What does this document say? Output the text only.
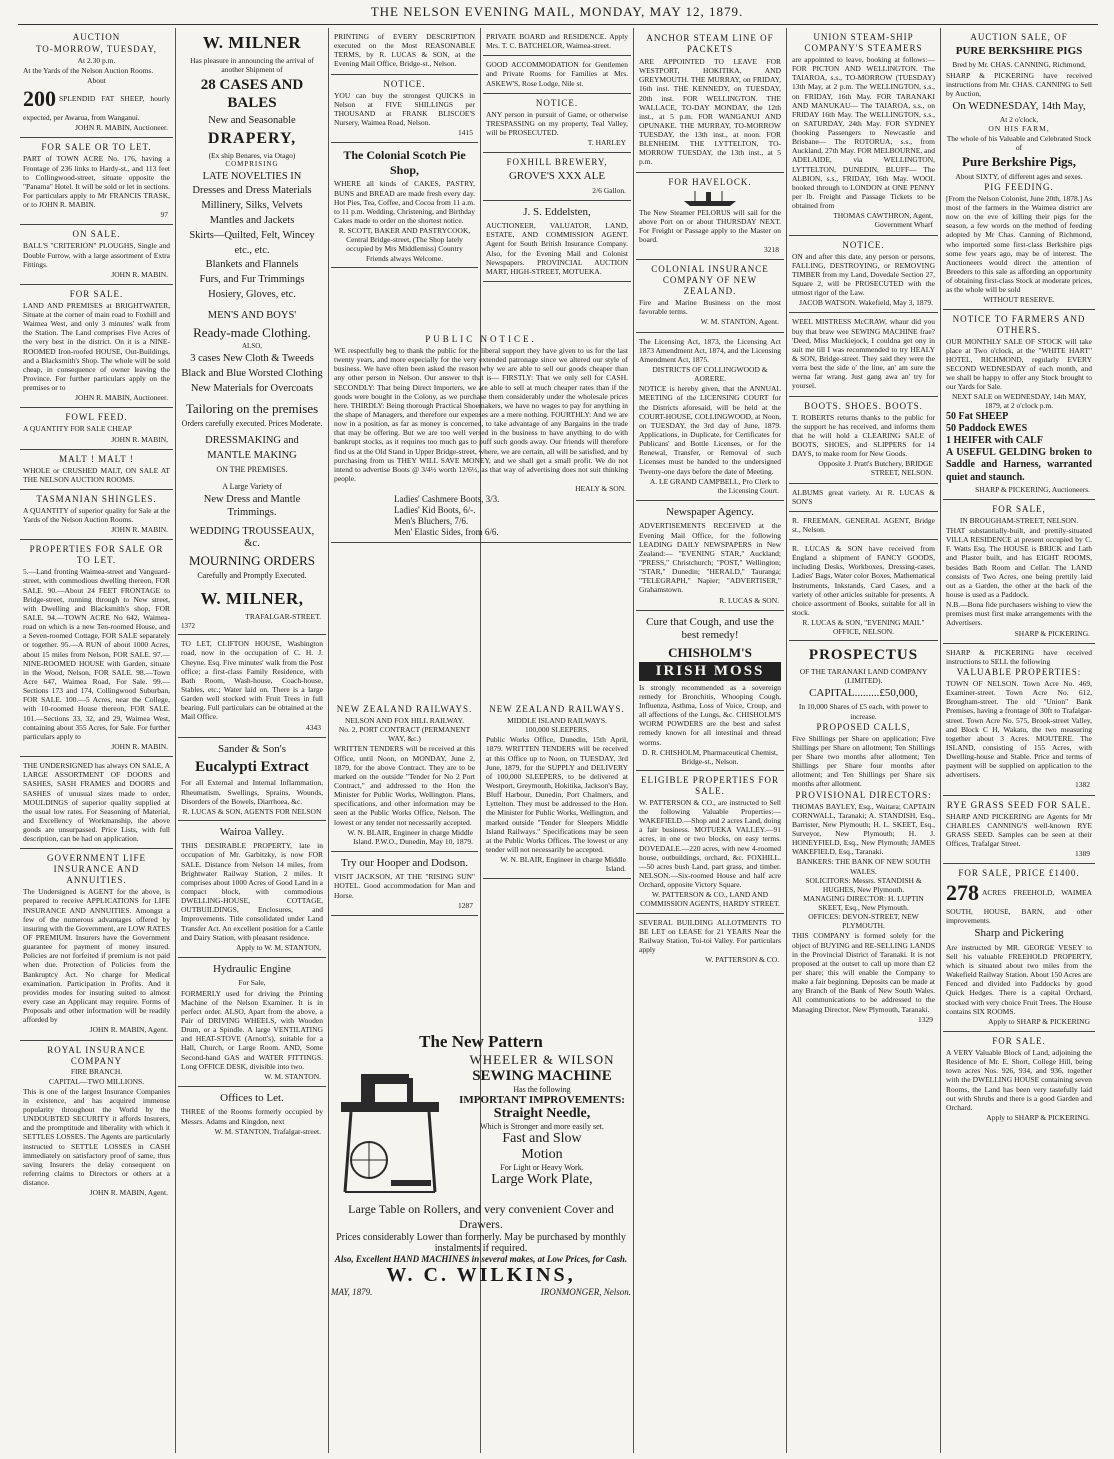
THE NELSON EVENING MAIL, MONDAY, MAY 12, 1879.
AUCTION
TO-MORROW, TUESDAY,
At 2.30 p.m.

At the Yards of the Nelson Auction Rooms.

About

200 SPLENDID FAT SHEEP, hourly expected, per Awarua, from Wanganui.

JOHN R. MABIN, Auctioneer.
FOR SALE OR TO LET.

PART of TOWN ACRE No. 176, having a Frontage of 236 links to Hardy-st., and 113 feet to Collingwood-street, situate opposite the "Panama" Hotel. It will be sold or let in sections. For particulars apply to Mr FRANCIS TRASK, or to JOHN R. MABIN.

97
ON SALE.

BALL'S "CRITERION" PLOUGHS, Single and Double Furrow, with a large assortment of Extra Fittings.

JOHN R. MABIN.
FOR SALE.

LAND AND PREMISES at BRIGHTWATER, Situate at the corner of main road to Foxhill and Waimea West, and only 3 minutes' walk from the Station. The Land comprises Five Acres of the very best in the district. On it is a NINE-ROOMED Iron-roofed HOUSE, Out-Buildings, and a Blacksmith's Shop. The whole will be sold cheap, in consequence of owner leaving the Province. For further particulars apply on the premises or to

JOHN R. MABIN, Auctioneer.
FOWL FEED.

A QUANTITY FOR SALE CHEAP

JOHN R. MABIN,
MALT ! MALT !

WHOLE or CRUSHED MALT, ON SALE AT THE NELSON AUCTION ROOMS.

TASMANIAN SHINGLES.

A QUANTITY of superior quality for Sale at the Yards of the Nelson Auction Rooms.

JOHN R. MABIN.
PROPERTIES FOR SALE OR TO LET.

5.—Land fronting Waimea-street and Vanguard-street, with commodious dwelling thereon, FOR SALE. 90.—About 24 FEET FRONTAGE to Bridge-street, running through to New street, with Dwelling and Blacksmith's shop, FOR SALE. 94.—TOWN ACRE No 642, Waimea-road on which is a new Ten-roomed House, and a Seven-roomed Cottage, FOR SALE separately or together. 95.—A RUN of about 1000 Acres, about 15 miles from Nelson, FOR SALE. 97.—NINE-ROOMED HOUSE with Garden, situate in the Wood, Nelson, FOR SALE. 98.—Town Acre 647, Waimea Road, For Sale. 99.—Sections 173 and 174, Collingwood Suburban, FOR SALE. 100.—5 Acres, near the College, with 10-roomed House thereon, FOR SALE. 101.—Sections 33, 32, and 29, Waimea West, containing about 355 Acres, for Sale. For further particulars apply to

JOHN R. MABIN.

THE UNDERSIGNED has always ON SALE, A LARGE ASSORTMENT OF DOORS and SASHES, SASH FRAMES and DOORS and SASHES of unusual sizes made to order, MOULDINGS of superior quality supplied at the usual low rates. For Seasoning of Material, and Excellency of Workmanship, the above goods are unsurpassed. Price Lists, with full description, can be had on application.

GOVERNMENT LIFE INSURANCE AND ANNUITIES.

The Undersigned is AGENT for the above, is prepared to receive APPLICATIONS for LIFE INSURANCE AND ANNUITIES. Amongst a few of the numerous advantages offered by insuring with the Government, are LOW RATES OF PREMIUM. Insurers have the Government guarantee for payment of money insured. Policies are not forfeited if premium is not paid when due. Protection of Policies from the Bankruptcy Act. No charge for Medical examination. Participation in Profits. And it provides modes for insuring suited to almost every case an Applicant may require. Forms of Proposals and other information will be readily afforded by

JOHN R. MABIN, Agent.
ROYAL INSURANCE COMPANY
FIRE BRANCH.
CAPITAL—TWO MILLIONS.

This is one of the largest Insurance Companies in existence, and has acquired immense popularity throughout the World by the UNDOUBTED SECURITY it affords Insurers, and the promptitude and liberality with which it SETTLES LOSSES. The Agents are particularly instructed to SETTLE LOSSES in CASH immediately on satisfactory proof of same, thus saving Insurers the delay consequent on referring claims to Directors or others at a distance.

JOHN R. MABIN, Agent.
W. MILNER
Has pleasure in announcing the arrival of another Shipment of
28 CASES AND BALES
New and Seasonable
DRAPERY,
(Ex ship Benares, via Otago)
COMPRISING
LATE NOVELTIES IN
Dresses and Dress Materials
Millinery, Silks, Velvets
Mantles and Jackets
Skirts—Quilted, Felt, Wincey
etc., etc.
Blankets and Flannels
Furs, and Fur Trimmings
Hosiery, Gloves, etc.
MEN'S AND BOYS'
Ready-made Clothing.
ALSO,
3 cases New Cloth & Tweeds
Black and Blue Worsted Clothing
New Materials for Overcoats
Tailoring on the premises
Orders carefully executed. Prices Moderate.
DRESSMAKING and
MANTLE MAKING
ON THE PREMISES.
A Large Variety of
New Dress and Mantle Trimmings.
WEDDING TROUSSEAUX, &c.
MOURNING ORDERS
Carefully and Promptly Executed.
W. MILNER,
TRAFALGAR-STREET.
1372

TO LET, CLIFTON HOUSE, Washington road, now in the occupation of C. H. J. Cheyne. Esq. Five minutes' walk from the Post office; a first-class Family Residence, with Bath Room, Wash-house, Coach-house, Stables, etc.; Water laid on. There is a large Garden well stocked with Fruit Trees in full bearing. Full particulars can be obtained at the Mail Office.

4343
Sander & Son's
Eucalypti Extract

For all External and Internal Inflammation, Rheumatism, Swellings, Sprains, Wounds, Disorders of the Bowels, Diarrhoea, &c.

R. LUCAS & SON, AGENTS FOR NELSON
Wairoa Valley.

THIS DESIRABLE PROPERTY, late in occupation of Mr. Garbitzky, is now FOR SALE. Distance from Nelson 14 miles, from Brightwater Railway Station, 2 miles. It comprises about 1000 Acres of Good Land in a compact block, with commodious DWELLING-HOUSE, COTTAGE, OUTBUILDINGS, Enclosures, and Improvements. Title consolidated under Land Transfer Act. An excellent position for a Cattle and Dairy Station, with pleasant residence.

Apply to W. M. STANTON,
Hydraulic Engine
For Sale,

FORMERLY used for driving the Printing Machine of the Nelson Examiner. It is in perfect order. ALSO, Apart from the above, a Pair of DRIVING WHEELS, with Wooden Drum, or a Spindle. A large VENTILATING and HEAT-STOVE (Arnott's), suitable for a Hall, Church, or Large Room. AND, Some Second-hand GAS and WATER FITTINGS. Long OFFICE DESK, divisible into two.

W. M. STANTON.
Offices to Let.

THREE of the Rooms formerly occupied by Messrs. Adams and Kingdon, next

W. M. STANTON, Trafalgar-street.

PRINTING of EVERY DESCRIPTION executed on the Most REASONABLE TERMS, by R. LUCAS & SON, at the Evening Mail Office, Bridge-st., Nelson.

NOTICE.

YOU can buy the strongest QUICKS in Nelson at FIVE SHILLINGS per THOUSAND at FRANK BLISCOE'S Nursery, Waimea Road, Nelson.

1415
The Colonial Scotch Pie Shop,

WHERE all kinds of CAKES, PASTRY, BUNS and BREAD are made fresh every day. Hot Pies, Tea, Coffee, and Cocoa from 11 a.m. to 11 p.m. Wedding, Christening, and Birthday Cakes made to order on the shortest notice.

R. SCOTT, BAKER AND PASTRYCOOK, Central Bridge-street, (The Shop lately occupied by Mrs Middlemiss) Country Friends always Welcome.

PRIVATE BOARD and RESIDENCE. Apply Mrs. T. C. BATCHELOR, Waimea-street.

GOOD ACCOMMODATION for Gentlemen and Private Rooms for Families at Mrs. ASKEW'S, Rose Lodge, Nile st.

NOTICE.

ANY person in pursuit of Game, or otherwise TRESPASSING on my property, Teal Valley, will be PROSECUTED.

T. HARLEY
FOXHILL BREWERY,
GROVE'S XXX ALE
2/6 Gallon.
J. S. Eddelsten,

AUCTIONEER, VALUATOR, LAND, ESTATE, AND COMMISSION AGENT. Agent for South British Insurance Company. Also, for the Evening Mail and Colonist Newspapers. PROVINCIAL AUCTION MART, HIGH-STREET, MOTUEKA.

PUBLIC NOTICE.

WE respectfully beg to thank the public for the liberal support they have given to us for the last twenty years, and more especially for the very extended patronage since we altered our style of business. We have often been asked the reason why we are able to sell our goods cheaper than any other person in Nelson. Our answer to that is— FIRSTLY: That we only sell for CASH. SECONDLY: That being Direct Importers, we are able to sell at much cheaper rates than if the goods were bought in the Colony, as we purchase them considerably under the wholesale prices here. THIRDLY: Being thorough Practical Shoemakers, we have no wages to pay for anything in the shape of Managers, and therefore our expenses are a mere nothing. FOURTHLY: And we are now in a position, as far as money is concerned, to take advantage of any Bargains in the trade that may be offering. But we are too well versed in the business to have anything to do with bankrupt stocks, as it requires too much gas to puff such goods away. Our friends will therefore find us at the Old Stand in Upper Bridge-street, where, we are certain, all will be satisfied, and by purchasing from us THEY WILL SAVE MONEY, and we shall get a small profit. We do not intend to advertise Boots @ 3/4½ worth 12/6½, as that way of advertising does not suit thinking people.

HEALY & SON.
Ladies' Cashmere Boots, 3/3.
Ladies' Kid Boots, 6/-.
Men's Bluchers, 7/6.
Men' Elastic Sides, from 6/6.
NEW ZEALAND RAILWAYS.
NELSON AND FOX HILL RAILWAY.
No. 2, PORT CONTRACT (PERMANENT WAY, &c.)

WRITTEN TENDERS will be received at this Office, until Noon, on MONDAY, June 2, 1879, for the above Contract. They are to be marked on the outside "Tender for No 2 Port Contract," and addressed to the Hon the Minister for Public Works, Wellington. Plans, specifications, and other information may be seen at the Public Works Office, Nelson. The lowest or any tender not necessarily accepted.

W. N. BLAIR, Engineer in charge Middle Island. P.W.O., Dunedin, May 10, 1879.
Try our Hooper and Dodson.

VISIT JACKSON, AT THE "RISING SUN" HOTEL. Good accommodation for Man and Horse.

1287
NEW ZEALAND RAILWAYS.
MIDDLE ISLAND RAILWAYS.
100,000 SLEEPERS.

Public Works Office, Dunedin, 15th April, 1879. WRITTEN TENDERS will be received at this Office up to Noon, on TUESDAY, 3rd June, 1879, for the SUPPLY and DELIVERY of 100,000 SLEEPERS, to be delivered at Westport, Greymouth, Hokitika, Jackson's Bay, Bluff Harbour, Dunedin, Port Chalmers, and Lyttelton. They must be addressed to the Hon. the Minister for Public Works, Wellington, and marked outside "Tender for Sleepers Middle Island Railways." Specifications may be seen at the Public Works Offices. The lowest or any tender will not necessarily be accepted.

W. N. BLAIR, Engineer in charge Middle Island.
The New Pattern
WHEELER & WILSON
SEWING MACHINE
Has the following
IMPORTANT IMPROVEMENTS:
Straight Needle,
Which is Stronger and more easily set.
Fast and Slow
Motion
For Light or Heavy Work.
Large Work Plate,
Large Table on Rollers, and very convenient Cover and Drawers.
Prices considerably Lower than formerly. May be purchased by monthly instalments if required.
Also, Excellent HAND MACHINES in several makes, at Low Prices, for Cash.
W. C. WILKINS,
MAY, 1879.	IRONMONGER, Nelson.
ANCHOR STEAM LINE OF PACKETS

ARE APPOINTED TO LEAVE FOR WESTPORT, HOKITIKA, AND GREYMOUTH. THE MURRAY, on FRIDAY, 16th inst. THE KENNEDY, on TUESDAY, 20th inst. FOR WELLINGTON. THE WALLACE, TO-DAY MONDAY, the 12th inst., at 5 p.m. FOR WANGANUI AND OPUNAKE. THE MURRAY, TO-MORROW TUESDAY, the 13th inst., at noon. FOR BLENHEIM. THE LYTTELTON, TO-MORROW TUESDAY, the 13th inst., at 5 p.m.

FOR HAVELOCK.

The New Steamer PELORUS will sail for the above Port on or about THURSDAY NEXT. For Freight or Passage apply to the Master on board.

3218
COLONIAL INSURANCE COMPANY OF NEW ZEALAND.

Fire and Marine Business on the most favorable terms.

W. M. STANTON, Agent.

The Licensing Act, 1873, the Licensing Act 1873 Amendment Act, 1874, and the Licensing Amendment Act, 1875.

DISTRICTS OF COLLINGWOOD & AORERE.

NOTICE is hereby given, that the ANNUAL MEETING of the LICENSING COURT for the Districts aforesaid, will be held at the COURT-HOUSE, COLLINGWOOD, at Noon, on TUESDAY, the 3rd day of June, 1879. Applications, in Duplicate, for Certificates for Publicans' and Bottle Licenses, or for the Renewal, Transfer, or Removal of such Licenses must be handed to the undersigned Twenty-one days before the date of Meeting.

A. LE GRAND CAMPBELL, Pro Clerk to the Licensing Court.
Newspaper Agency.

ADVERTISEMENTS RECEIVED at the Evening Mail Office, for the following LEADING DAILY NEWSPAPERS in New Zealand:— "EVENING STAR," Auckland; "PRESS," Christchurch; "POST," Wellington; "STAR," Dunedin; "HERALD," Tauranga; "TELEGRAPH," Napier; "ADVERTISER," Grahamstown.

R. LUCAS & SON.
Cure that Cough, and use the best remedy!
CHISHOLM'S
IRISH MOSS

Is strongly recommended as a sovereign remedy for Bronchitis, Whooping Cough, Influenza, Asthma, Loss of Voice, Croup, and all affections of the Lungs, &c. CHISHOLM'S WORM POWDERS are the best and safest remedy known for all intestinal and thread worms.

D. R. CHISHOLM, Pharmaceutical Chemist, Bridge-st., Nelson.
ELIGIBLE PROPERTIES FOR SALE.

W. PATTERSON & CO., are instructed to Sell the following Valuable Properties:— WAKEFIELD.—Shop and 2 acres Land, doing a fair business. MOTUEKA VALLEY.—91 acres, in one or two blocks, on easy terms. DOVEDALE.—220 acres, with new 4-roomed house, outbuildings, orchard, &c. FOXHILL.—50 acres bush Land, part grass, and timber. NELSON.—Six-roomed House and half acre Orchard, opposite Victory Square.

W. PATTERSON & CO., LAND AND COMMISSION AGENTS, HARDY STREET.

SEVERAL BUILDING ALLOTMENTS TO BE LET on LEASE for 21 YEARS Near the Railway Station, Toi-toi Valley. For particulars apply

W. PATTERSON & CO.
UNION STEAM-SHIP COMPANY'S STEAMERS

are appointed to leave, booking at follows:— FOR PICTON AND WELLINGTON. The TAIAROA, s.s., TO-MORROW (TUESDAY) 13th May, at 2 p.m. The WELLINGTON, s.s., on FRIDAY, 16th May. FOR TARANAKI AND MANUKAU— The TAIAROA, s.s., on FRIDAY 16th May. The WELLINGTON, s.s., on SATURDAY, 24th May. FOR SYDNEY (booking Passengers to Newcastle and Brisbane— The ROTORUA, s.s., from Auckland, 27th May. FOR MELBOURNE, and ADELAIDE, via WELLINGTON, LYTTELTON, DUNEDIN, BLUFF— The ALBION, s.s., FRIDAY, 16th May. WOOL booked through to LONDON at ONE PENNY per lb. Freight and Passage Tickets to be obtained from

THOMAS CAWTHRON, Agent, Government Wharf
NOTICE.

ON and after this date, any person or persons, FALLING, DESTROYING, or REMOVING TIMBER from my Land, Dovedale Section 27, Square 2, will be PROSECUTED with the utmost rigor of the Law.

JACOB WATSON. Wakefield, May 3, 1879.

WEEL MISTRESS McCRAW, whaur did you buy that braw wee SEWING MACHINE frae? 'Deed, Miss Muckiejock, I couldna get ony in suit me till I was recommended to try HEALY & SON, Bridge-street. They said they were the verra best the side o' the line, an' am sure the werna far wrang. Just gang awa an' try for yoursel.

BOOTS. SHOES. BOOTS.

T. ROBERTS returns thanks to the public for the support he has received, and informs them that he will hold a CLEARING SALE of BOOTS, SHOES, and SLIPPERS for 14 DAYS, to make room for New Goods.

Opposite J. Pratt's Butchery, BRIDGE STREET, NELSON.

ALBUMS great variety. At R. LUCAS & SON'S

R. FREEMAN, GENERAL AGENT, Bridge st., Nelson.

R. LUCAS & SON have received from England a shipment of FANCY GOODS, including Desks, Workboxes, Dressing-cases, Ladies' Bags, Water color Boxes, Mathematical Instruments, Inkstands, Card Cases, and a variety of other articles suitable for presents. A choice assortment of Books, suitable for all in stock.

R. LUCAS & SON, "EVENING MAIL" OFFICE, NELSON.
PROSPECTUS
OF THE TARANAKI LAND COMPANY (LIMITED).
CAPITAL.........£50,000,
In 10,000 Shares of £5 each, with power to increase.
PROPOSED CALLS,

Five Shillings per Share on application; Five Shillings per Share on allotment; Ten Shillings per Share two months after allotment; Ten Shillings per Share four months after allotment; and Ten Shillings per Share six months after allotment.

PROVISIONAL DIRECTORS:

THOMAS BAYLEY, Esq., Waitara; CAPTAIN CORNWALL, Taranaki; A. STANDISH, Esq., Barrister, New Plymouth; H. L. SKEET, Esq., Surveyor, New Plymouth; H. J. HONEYFIELD, Esq., New Plymouth; JAMES WAKEFIELD, Esq., Taranaki.

BANKERS: THE BANK OF NEW SOUTH WALES.
SOLICITORS: Messrs. STANDISH & HUGHES, New Plymouth.
MANAGING DIRECTOR: H. LUPTIN SKEET, Esq., New Plymouth.
OFFICES: DEVON-STREET, NEW PLYMOUTH.

THIS COMPANY is formed solely for the object of BUYING and RE-SELLING LANDS in the Provincial District of Taranaki. It is not proposed at the outset to call up more than £2 per share; this will enable the Company to make a fair beginning. Deposits can be made at any Branch of the Bank of New South Wales. All communications to be addressed to the Managing Director, New Plymouth, Taranaki.

1329
AUCTION SALE, OF
PURE BERKSHIRE PIGS
Bred by Mr. CHAS. CANNING, Richmond,

SHARP & PICKERING have received instructions from Mr. CHAS. CANNING to Sell by Auction,

On WEDNESDAY, 14th May,
At 2 o'clock,
ON HIS FARM,
The whole of his Valuable and Celebrated Stock of
Pure Berkshire Pigs,
About SIXTY, of different ages and sexes.
PIG FEEDING.

[From the Nelson Colonist, June 20th, 1878.] As most of the farmers in the Waimea district are now on the eve of killing their pigs for the season, a few words on the method of feeding adopted by Mr Chas. Canning of Richmond, who imported some first-class Berkshire pigs some few years ago, may be of interest. The Auctioneers would direct the attention of Breeders to this sale as affording an opportunity of obtaining first-class Stock at moderate prices, as the whole will be sold

WITHOUT RESERVE.
NOTICE TO FARMERS AND OTHERS.

OUR MONTHLY SALE OF STOCK will take place at Two o'clock, at the "WHITE HART" HOTEL, RICHMOND, regularly EVERY SECOND WEDNESDAY of each month, and we shall be happy to offer any Stock brought to our Yards for Sale.

NEXT SALE on WEDNESDAY, 14th MAY, 1879, at 2 o'clock p.m.
50 Fat SHEEP
50 Paddock EWES
1 HEIFER with CALF
A USEFUL GELDING broken to Saddle and Harness, warranted quiet and staunch.
SHARP & PICKERING, Auctioneers.
FOR SALE,
IN BROUGHAM-STREET, NELSON.

THAT substantially-built, and prettily-situated VILLA RESIDENCE at present occupied by C. F. Watts Esq. The HOUSE is BRICK and Lath and Plaster built, and has EIGHT ROOMS, besides Bath Room and Cellar. The LAND consists of Two Acres, one being prettily laid out as a Garden, the other at the back of the house is used as a Paddock.

N.B.—Bona fide purchasers wishing to view the premises must first make arrangements with the Advertisers.

SHARP & PICKERING.

SHARP & PICKERING have received instructions to SELL the following

VALUABLE PROPERTIES:

TOWN OF NELSON. Town Acre No. 469, Examiner-street. Town Acre No. 612, Brougham-street. The old "Union" Bank Premises, having a frontage of 30ft to Trafalgar-street. Town Acre No. 575, Brook-street Valley, and Block C H, Wakatu, the two measuring together about 3 Acres. MOUTERE. The ISLAND, consisting of 155 Acres, with Dwelling-house and Stable. Price and terms of payment will be supplied on application to the advertisers.

1382
RYE GRASS SEED FOR SALE.

SHARP AND PICKERING are Agents for Mr CHARLES CANNING'S well-known RYE GRASS SEED. Samples can be seen at their Offices, Trafalgar Street.

1389
FOR SALE, PRICE £1400.

278 ACRES FREEHOLD, WAIMEA SOUTH, HOUSE, BARN, and other improvements.

Sharp and Pickering

Are instructed by MR. GEORGE VESEY to Sell his valuable FREEHOLD PROPERTY, which is situated about two miles from the Wakefield Railway Station. About 150 Acres are Fenced and divided into Paddocks by good Quick Hedges. There is a capital Orchard, stocked with very choice Fruit Trees. The House contains SIX ROOMS.

Apply to SHARP & PICKERING
FOR SALE.

A VERY Valuable Block of Land, adjoining the Residence of Mr. E. Short, College Hill, being town acres Nos. 926, 934, and 936, together with the DWELLING HOUSE containing seven Rooms, the Land has been very tastefully laid out with Shrubs and there is a good Garden and Orchard.

Apply to SHARP & PICKERING.
